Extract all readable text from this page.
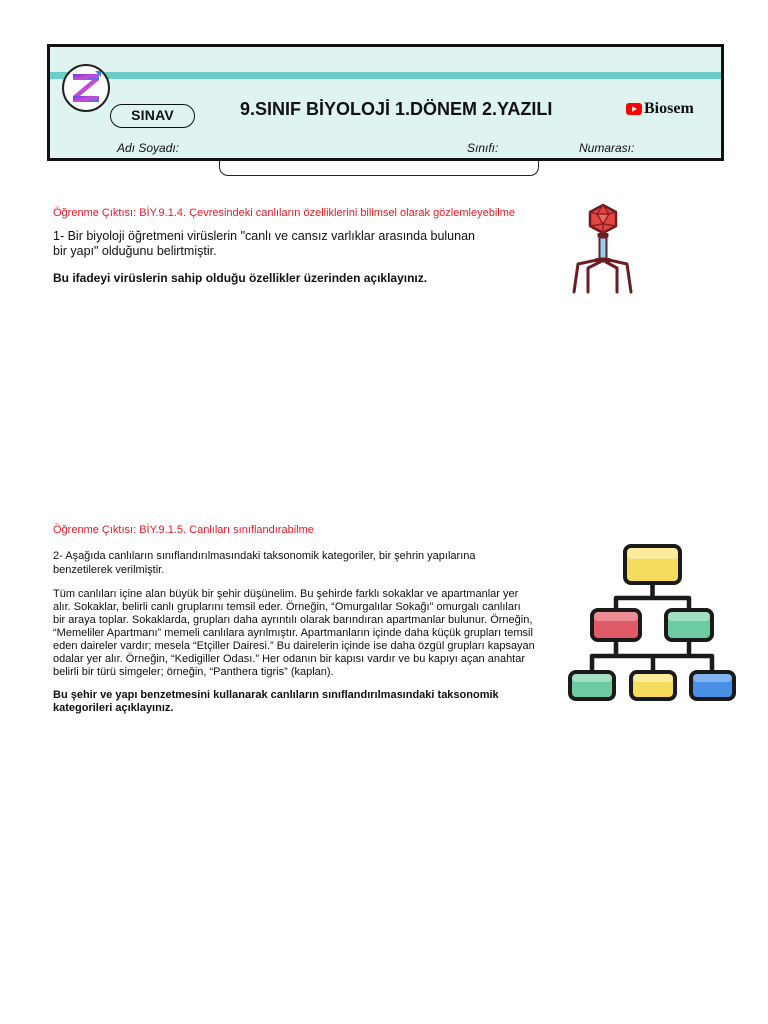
SINAV	9.SINIF BİYOLOJİ 1.DÖNEM 2.YAZILI	Biosem
Adı Soyadı:	Sınıfı:	Numarası:
Öğrenme Çıktısı: BİY.9.1.4. Çevresindeki canlıların özelliklerini bilimsel olarak gözlemleyebilme
1- Bir biyoloji öğretmeni virüslerin "canlı ve cansız varlıklar arasında bulunan
bir yapı" olduğunu belirtmiştir.
Bu ifadeyi virüslerin sahip olduğu özellikler üzerinden açıklayınız.
Öğrenme Çıktısı: BİY.9.1.5. Canlıları sınıflandırabilme
2- Aşağıda canlıların sınıflandırılmasındaki taksonomik kategoriler, bir şehrin yapılarına
benzetilerek verilmiştir.
Tüm canlıları içine alan büyük bir şehir düşünelim. Bu şehirde farklı sokaklar ve apartmanlar yer
alır. Sokaklar, belirli canlı gruplarını temsil eder. Örneğin, “Omurgalılar Sokağı” omurgalı canlıları
bir araya toplar. Sokaklarda, grupları daha ayrıntılı olarak barındıran apartmanlar bulunur. Örneğin,
“Memeliler Apartmanı” memeli canlılara ayrılmıştır. Apartmanların içinde daha küçük grupları temsil
eden daireler vardır; mesela “Etçiller Dairesi.” Bu dairelerin içinde ise daha özgül grupları kapsayan
odalar yer alır. Örneğin, “Kedigiller Odası.” Her odanın bir kapısı vardır ve bu kapıyı açan anahtar
belirli bir türü simgeler; örneğin, “Panthera tigris” (kaplan).
Bu şehir ve yapı benzetmesini kullanarak canlıların sınıflandırılmasındaki taksonomik
kategorileri açıklayınız.
